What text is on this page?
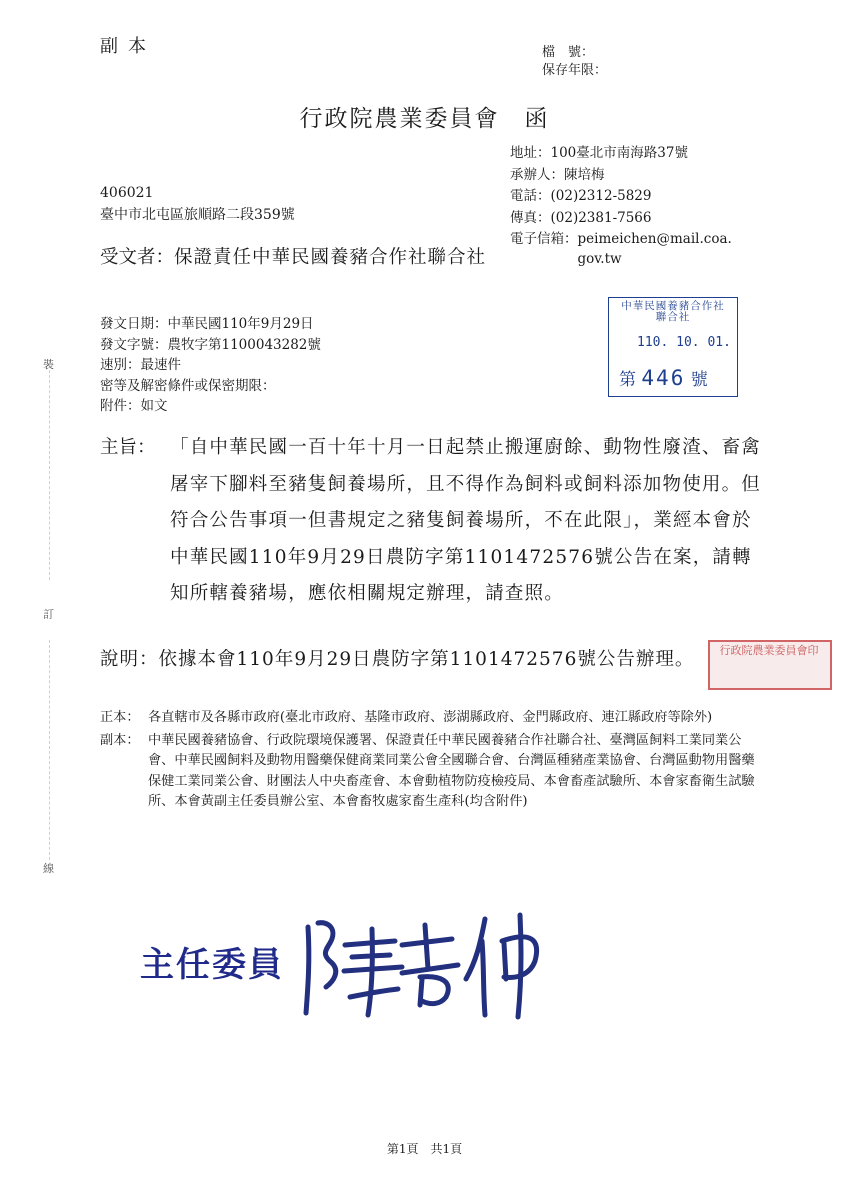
副本	檔　號：
保存年限：
行政院農業委員會　函
地址： 100臺北市南海路37號
承辦人： 陳培梅
電話： (02)2312-5829
傳真： (02)2381-7566
電子信箱： peimeichen@mail.coa.gov.tw
406021
臺中市北屯區旅順路二段359號
受文者： 保證責任中華民國養豬合作社聯合社
發文日期：中華民國110年9月29日
發文字號：農牧字第1100043282號
速別：最速件
密等及解密條件或保密期限：
附件：如文
中華民國養豬合作社聯合社
110. 10. 01.
第 446 號
主旨： 「自中華民國一百十年十月一日起禁止搬運廚餘、動物性廢渣、畜禽屠宰下腳料至豬隻飼養場所，且不得作為飼料或飼料添加物使用。但符合公告事項一但書規定之豬隻飼養場所，不在此限」，業經本會於中華民國110年9月29日農防字第1101472576號公告在案，請轉知所轄養豬場，應依相關規定辦理，請查照。
說明：依據本會110年9月29日農防字第1101472576號公告辦理。	行政院農業委員會印
正本： 各直轄市及各縣市政府(臺北市政府、基隆市政府、澎湖縣政府、金門縣政府、連江縣政府等除外)
副本： 中華民國養豬協會、行政院環境保護署、保證責任中華民國養豬合作社聯合社、臺灣區飼料工業同業公會、中華民國飼料及動物用醫藥保健商業同業公會全國聯合會、台灣區種豬產業協會、台灣區動物用醫藥保健工業同業公會、財團法人中央畜產會、本會動植物防疫檢疫局、本會畜產試驗所、本會家畜衛生試驗所、本會黃副主任委員辦公室、本會畜牧處家畜生產科(均含附件)
主任委員
裝
訂
線
第1頁　共1頁
